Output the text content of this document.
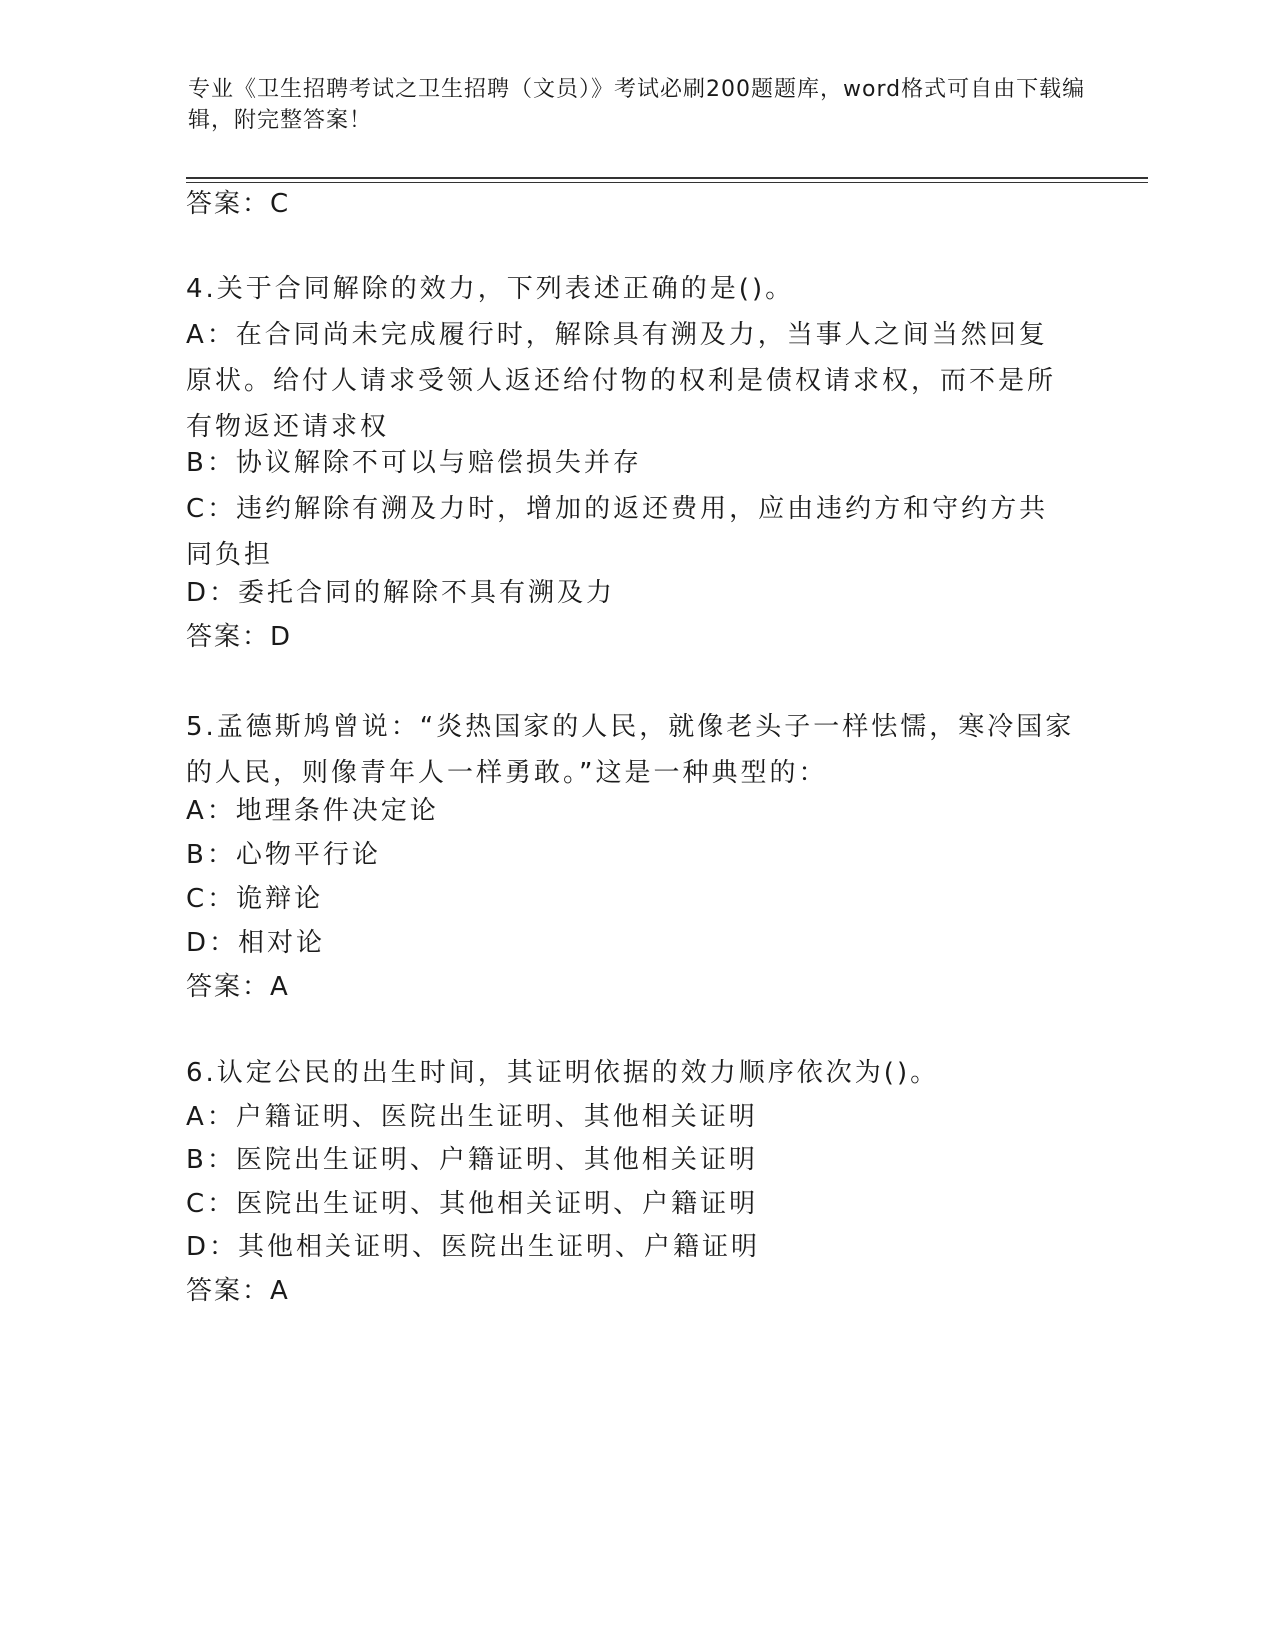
专业《卫生招聘考试之卫生招聘（文员）》考试必刷200题题库，word格式可自由下载编辑，附完整答案！
答案：C
4.关于合同解除的效力，下列表述正确的是()。
A：在合同尚未完成履行时，解除具有溯及力，当事人之间当然回复原状。给付人请求受领人返还给付物的权利是债权请求权，而不是所有物返还请求权
B：协议解除不可以与赔偿损失并存
C：违约解除有溯及力时，增加的返还费用，应由违约方和守约方共同负担
D：委托合同的解除不具有溯及力
答案：D
5.孟德斯鸠曾说：“炎热国家的人民，就像老头子一样怯懦，寒冷国家的人民，则像青年人一样勇敢。”这是一种典型的：
A：地理条件决定论
B：心物平行论
C：诡辩论
D：相对论
答案：A
6.认定公民的出生时间，其证明依据的效力顺序依次为()。
A：户籍证明、医院出生证明、其他相关证明
B：医院出生证明、户籍证明、其他相关证明
C：医院出生证明、其他相关证明、户籍证明
D：其他相关证明、医院出生证明、户籍证明
答案：A
